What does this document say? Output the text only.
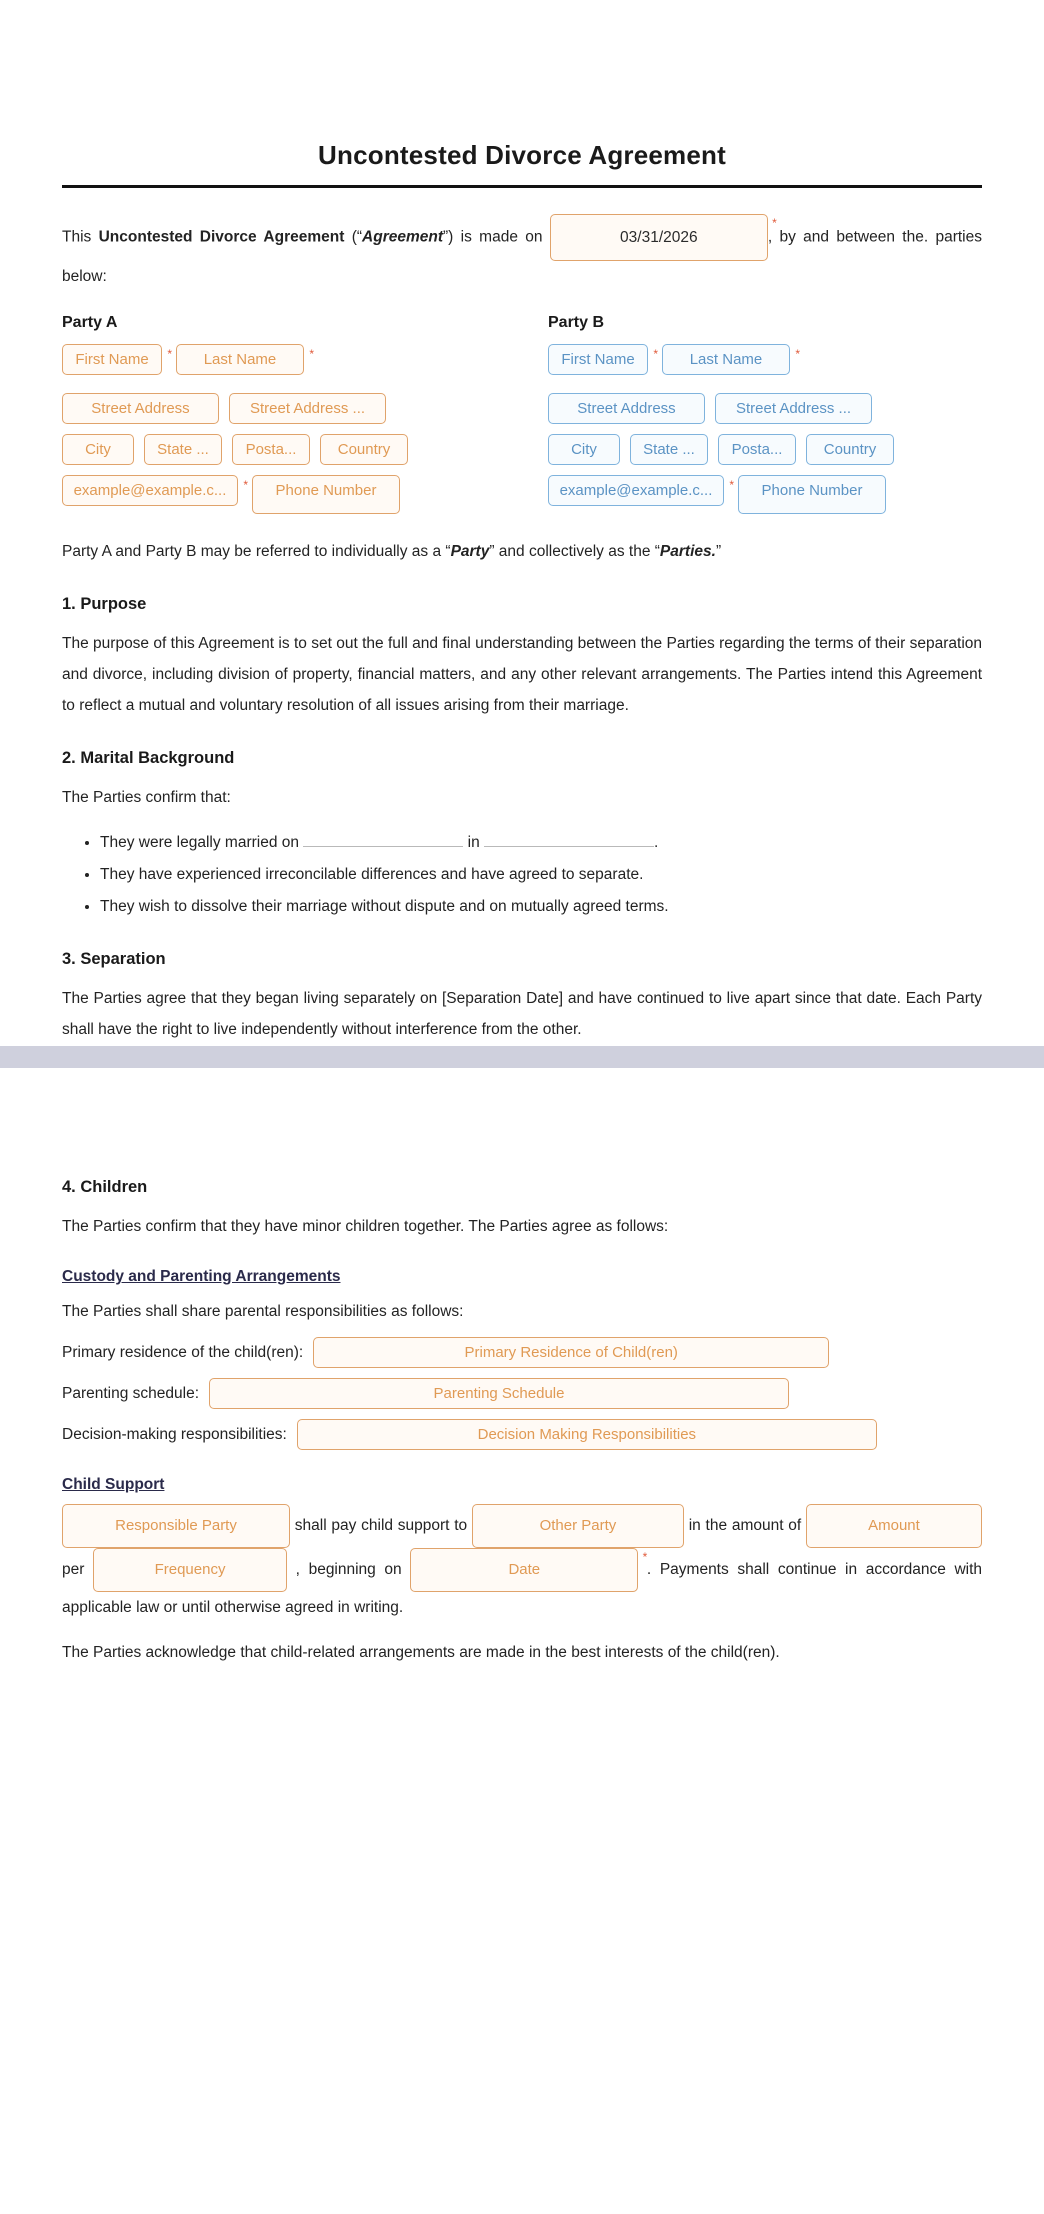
Uncontested Divorce Agreement

This Uncontested Divorce Agreement (“Agreement”) is made on	03/31/2026
*
, by and between the. parties below:

Party A
First Name *	Last Name	*
Street Address	Street Address ...
City	State ...	Posta...	Country
example@example.c... *	Phone Number
Party B
First Name *	Last Name	*
Street Address	Street Address ...
City	State ...	Posta...	Country
example@example.c... *	Phone Number

Party A and Party B may be referred to individually as a “Party” and collectively as the “Parties.”

1. Purpose

The purpose of this Agreement is to set out the full and final understanding between the Parties regarding the terms of their separation and divorce, including division of property, financial matters, and any other relevant arrangements. The Parties intend this Agreement to reflect a mutual and voluntary resolution of all issues arising from their marriage.

2. Marital Background

The Parties confirm that:

• They were legally married on	in	.
• They have experienced irreconcilable differences and have agreed to separate.
• They wish to dissolve their marriage without dispute and on mutually agreed terms.
3. Separation

The Parties agree that they began living separately on [Separation Date] and have continued to live apart since that date. Each Party shall have the right to live independently without interference from the other.

4. Children

The Parties confirm that they have minor children together. The Parties agree as follows:

Custody and Parenting Arrangements

The Parties shall share parental responsibilities as follows:

Primary residence of the child(ren):	Primary Residence of Child(ren)
Parenting schedule:	Parenting Schedule
Decision-making responsibilities:	Decision Making Responsibilities
Child Support

Responsible Party	shall pay child support to	Other Party	in the amount of	Amount per	Frequency	, beginning on	Date
*
. Payments shall continue in accordance with applicable law or until otherwise agreed in writing.

The Parties acknowledge that child-related arrangements are made in the best interests of the child(ren).
